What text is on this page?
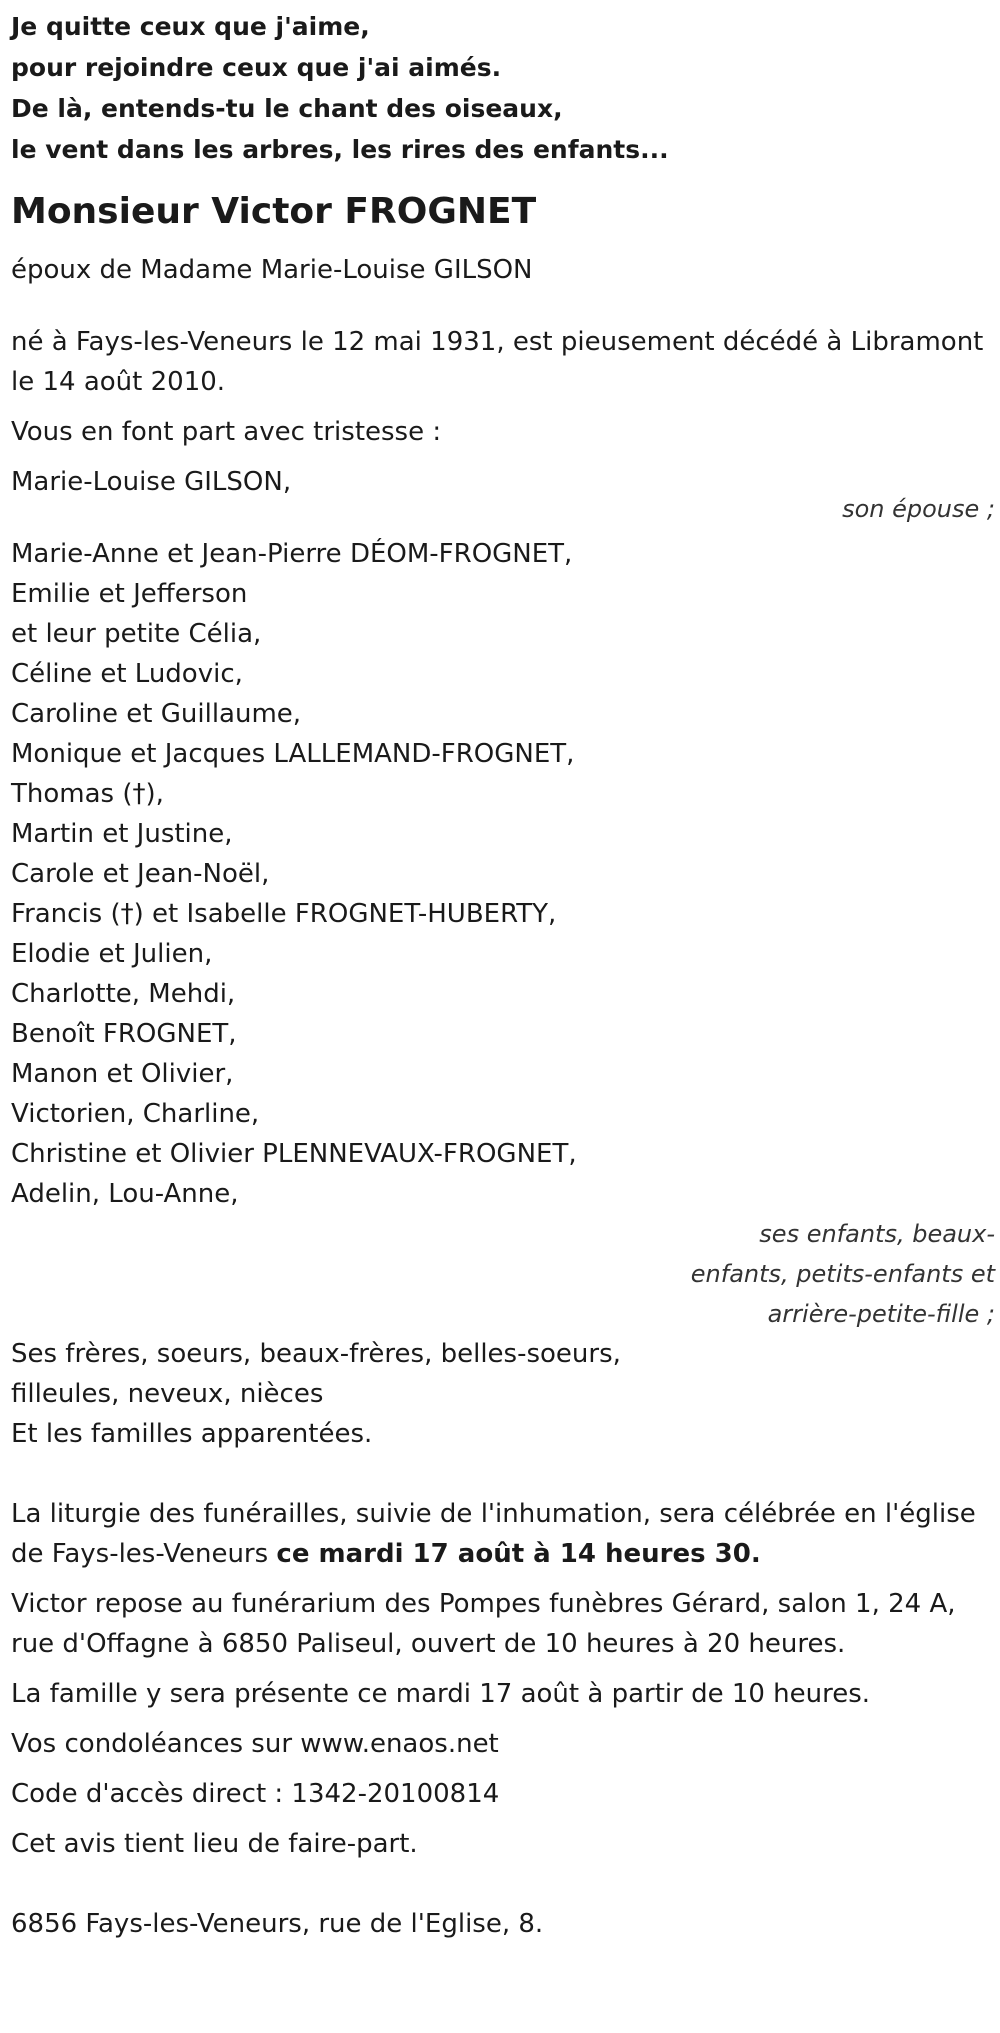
Je quitte ceux que j'aime,
pour rejoindre ceux que j'ai aimés.
De là, entends-tu le chant des oiseaux,
le vent dans les arbres, les rires des enfants...
Monsieur Victor FROGNET
époux de Madame Marie-Louise GILSON
né à Fays-les-Veneurs le 12 mai 1931, est pieusement décédé à Libramont le 14 août 2010.
Vous en font part avec tristesse :
Marie-Louise GILSON,
son épouse ;
Marie-Anne et Jean-Pierre DÉOM-FROGNET,
Emilie et Jefferson
et leur petite Célia,
Céline et Ludovic,
Caroline et Guillaume,
Monique et Jacques LALLEMAND-FROGNET,
Thomas (†),
Martin et Justine,
Carole et Jean-Noël,
Francis (†) et Isabelle FROGNET-HUBERTY,
Elodie et Julien,
Charlotte, Mehdi,
Benoît FROGNET,
Manon et Olivier,
Victorien, Charline,
Christine et Olivier PLENNEVAUX-FROGNET,
Adelin, Lou-Anne,
ses enfants, beaux-enfants, petits-enfants et arrière-petite-fille ;
Ses frères, soeurs, beaux-frères, belles-soeurs,
filleules, neveux, nièces
Et les familles apparentées.
La liturgie des funérailles, suivie de l'inhumation, sera célébrée en l'église de Fays-les-Veneurs ce mardi 17 août à 14 heures 30.
Victor repose au funérarium des Pompes funèbres Gérard, salon 1, 24 A, rue d'Offagne à 6850 Paliseul, ouvert de 10 heures à 20 heures.
La famille y sera présente ce mardi 17 août à partir de 10 heures.
Vos condoléances sur www.enaos.net
Code d'accès direct : 1342-20100814
Cet avis tient lieu de faire-part.
6856 Fays-les-Veneurs, rue de l'Eglise, 8.
